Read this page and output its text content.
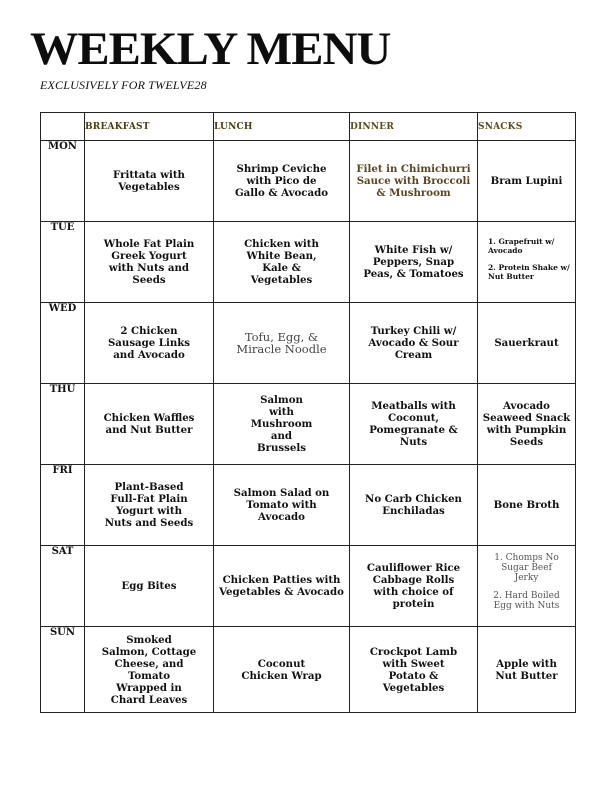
WEEKLY MENU
EXCLUSIVELY FOR TWELVE28
	BREAKFAST	LUNCH	DINNER	SNACKS
MON	Frittata with Vegetables	Shrimp Ceviche with Pico de Gallo & Avocado	Filet in Chimichurri Sauce with Broccoli & Mushroom	Bram Lupini
TUE	Whole Fat Plain Greek Yogurt with Nuts and Seeds	Chicken with White Bean, Kale & Vegetables	White Fish w/ Peppers, Snap Peas, & Tomatoes	1. Grapefruit w/ Avocado
2. Protein Shake w/ Nut Butter

WED	2 Chicken Sausage Links and Avocado	Tofu, Egg, & Miracle Noodle	Turkey Chili w/ Avocado & Sour Cream	Sauerkraut
THU	Chicken Waffles and Nut Butter	Salmon with Mushroom and Brussels	Meatballs with Coconut, Pomegranate & Nuts	Avocado Seaweed Snack with Pumpkin Seeds
FRI	Plant-Based Full-Fat Plain Yogurt with Nuts and Seeds	Salmon Salad on Tomato with Avocado	No Carb Chicken Enchiladas	Bone Broth
SAT	Egg Bites	Chicken Patties with Vegetables & Avocado	Cauliflower Rice Cabbage Rolls with choice of protein	1. Chomps No Sugar Beef Jerky
2. Hard Boiled Egg with Nuts

SUN	Smoked Salmon, Cottage Cheese, and Tomato Wrapped in Chard Leaves	Coconut Chicken Wrap	Crockpot Lamb with Sweet Potato & Vegetables	Apple with Nut Butter
